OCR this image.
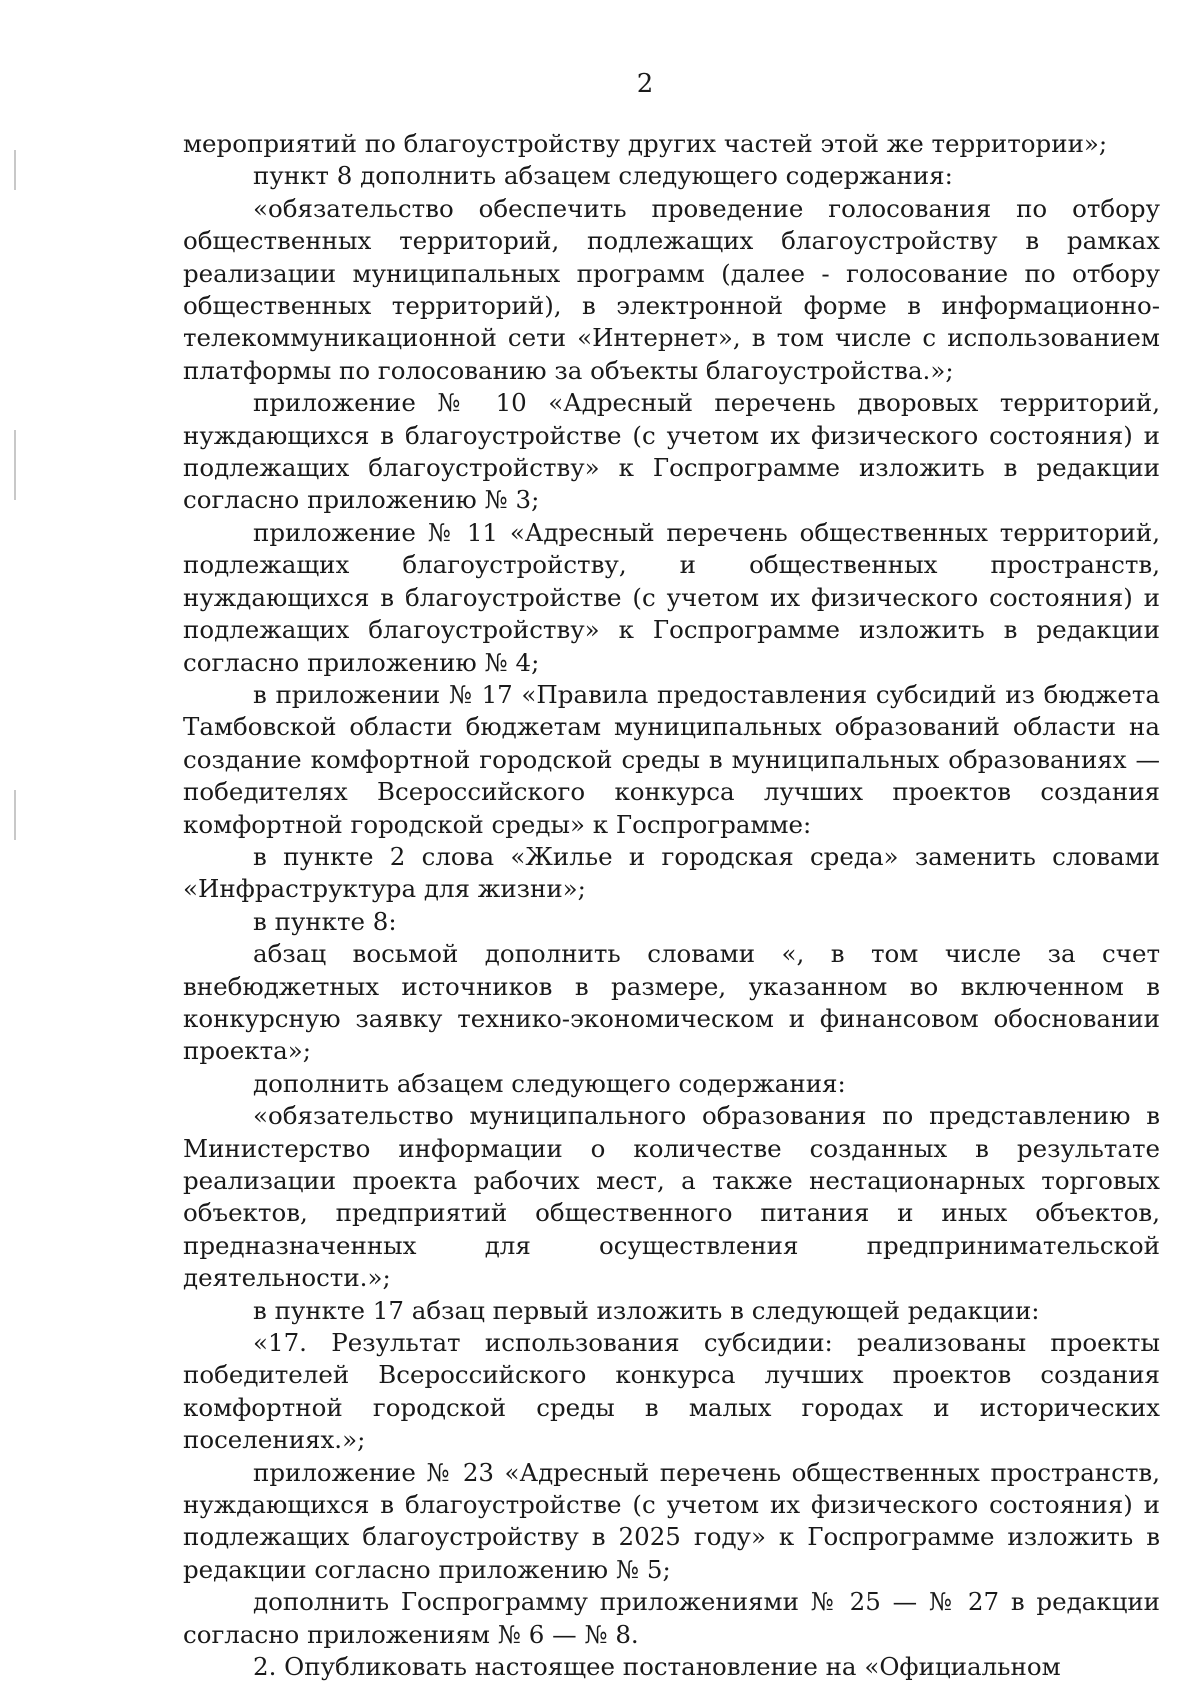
2

мероприятий по благоустройству других частей этой же территории»;

пункт 8 дополнить абзацем следующего содержания:

«обязательство обеспечить проведение голосования по отбору общественных территорий, подлежащих благоустройству в рамках реализации муниципальных программ (далее - голосование по отбору общественных территорий), в электронной форме в информационно-телекоммуникационной сети «Интернет», в том числе с использованием платформы по голосованию за объекты благоустройства.»;

приложение № 10 «Адресный перечень дворовых территорий, нуждающихся в благоустройстве (с учетом их физического состояния) и подлежащих благоустройству» к Госпрограмме изложить в редакции согласно приложению № 3;

приложение № 11 «Адресный перечень общественных территорий, подлежащих благоустройству, и общественных пространств, нуждающихся в благоустройстве (с учетом их физического состояния) и подлежащих благоустройству» к Госпрограмме изложить в редакции согласно приложению № 4;

в приложении № 17 «Правила предоставления субсидий из бюджета Тамбовской области бюджетам муниципальных образований области на создание комфортной городской среды в муниципальных образованиях — победителях Всероссийского конкурса лучших проектов создания комфортной городской среды» к Госпрограмме:

в пункте 2 слова «Жилье и городская среда» заменить словами «Инфраструктура для жизни»;

в пункте 8:

абзац восьмой дополнить словами «, в том числе за счет внебюджетных источников в размере, указанном во включенном в конкурсную заявку технико-экономическом и финансовом обосновании проекта»;

дополнить абзацем следующего содержания:

«обязательство муниципального образования по представлению в Министерство информации о количестве созданных в результате реализации проекта рабочих мест, а также нестационарных торговых объектов, предприятий общественного питания и иных объектов, предназначенных для осуществления предпринимательской деятельности.»;

в пункте 17 абзац первый изложить в следующей редакции:

«17. Результат использования субсидии: реализованы проекты победителей Всероссийского конкурса лучших проектов создания комфортной городской среды в малых городах и исторических поселениях.»;

приложение № 23 «Адресный перечень общественных пространств, нуждающихся в благоустройстве (с учетом их физического состояния) и подлежащих благоустройству в 2025 году» к Госпрограмме изложить в редакции согласно приложению № 5;

дополнить Госпрограмму приложениями № 25 — № 27 в редакции согласно приложениям № 6 — № 8.

2. Опубликовать настоящее постановление на «Официальном
